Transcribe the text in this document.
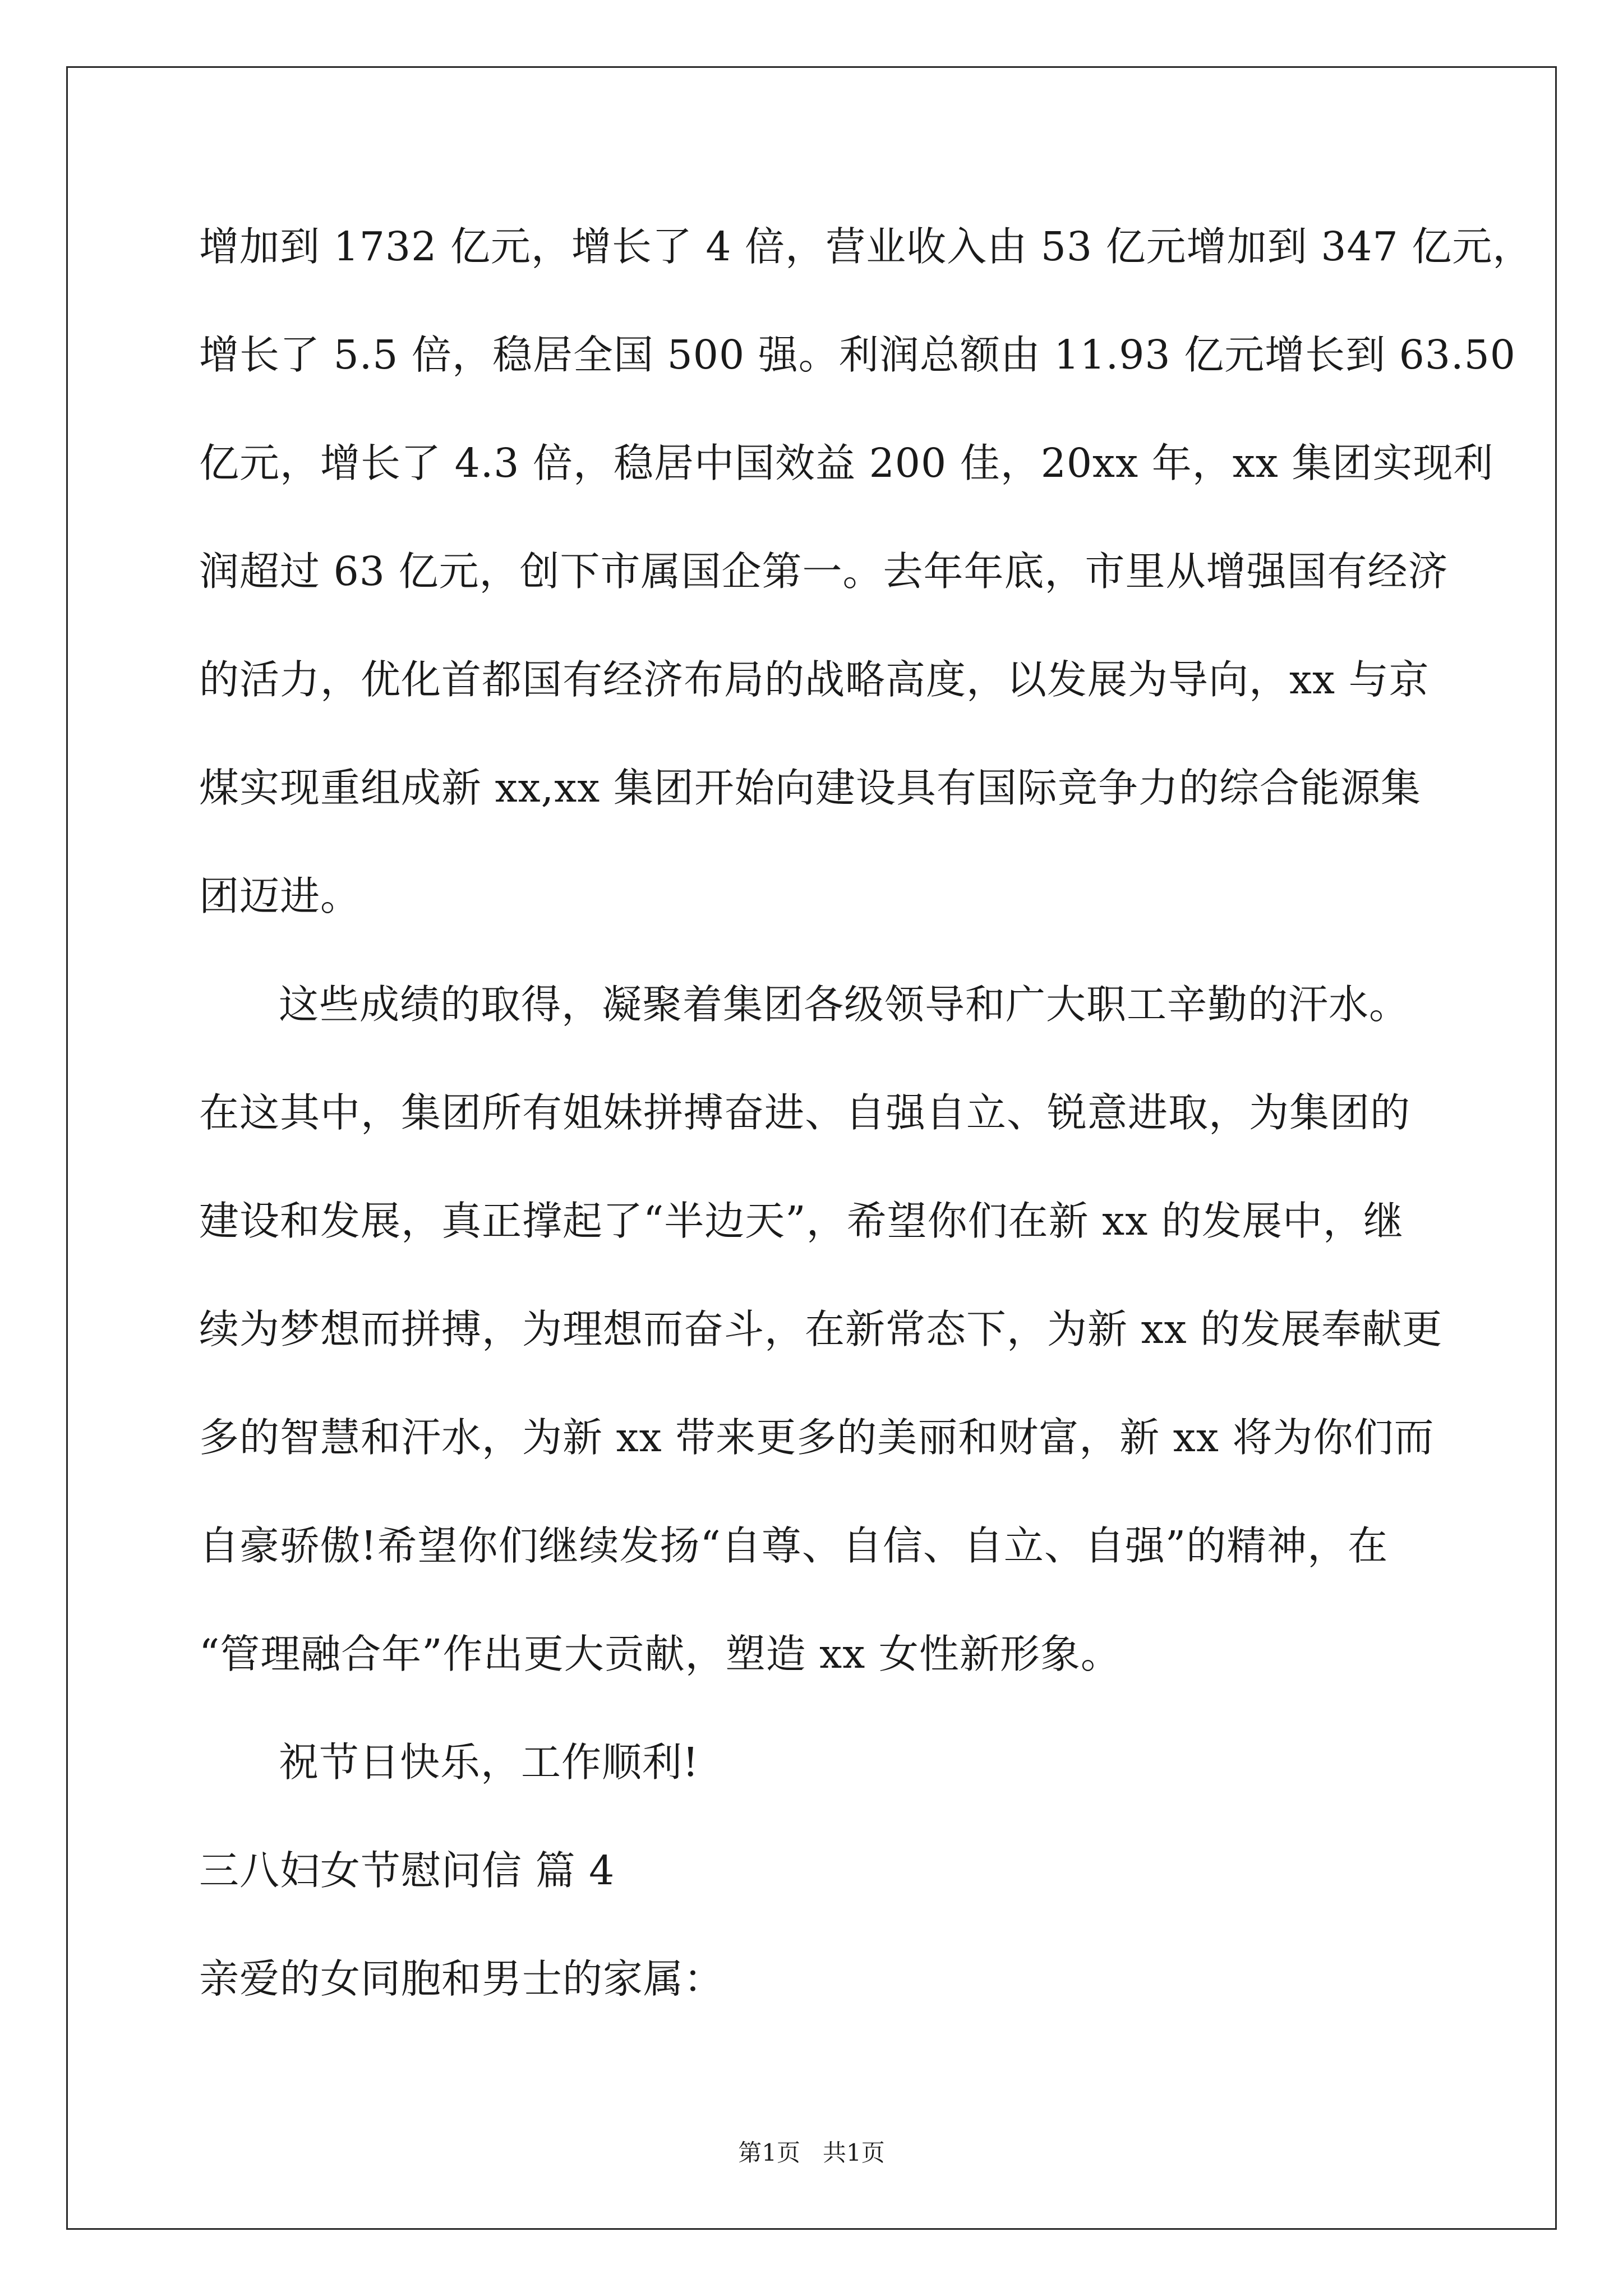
增加到 1732 亿元，增长了 4 倍，营业收入由 53 亿元增加到 347 亿元，
增长了 5.5 倍，稳居全国 500 强。利润总额由 11.93 亿元增长到 63.50
亿元，增长了 4.3 倍，稳居中国效益 200 佳，20xx 年，xx 集团实现利
润超过 63 亿元，创下市属国企第一。去年年底，市里从增强国有经济
的活力，优化首都国有经济布局的战略高度，以发展为导向，xx 与京
煤实现重组成新 xx,xx 集团开始向建设具有国际竞争力的综合能源集
团迈进。
这些成绩的取得，凝聚着集团各级领导和广大职工辛勤的汗水。
在这其中，集团所有姐妹拼搏奋进、自强自立、锐意进取，为集团的
建设和发展，真正撑起了“半边天”，希望你们在新 xx 的发展中，继
续为梦想而拼搏，为理想而奋斗，在新常态下，为新 xx 的发展奉献更
多的智慧和汗水，为新 xx 带来更多的美丽和财富，新 xx 将为你们而
自豪骄傲!希望你们继续发扬“自尊、自信、自立、自强”的精神，在
“管理融合年”作出更大贡献，塑造 xx 女性新形象。
祝节日快乐，工作顺利!
三八妇女节慰问信 篇 4
亲爱的女同胞和男士的家属：
第1页   共1页
